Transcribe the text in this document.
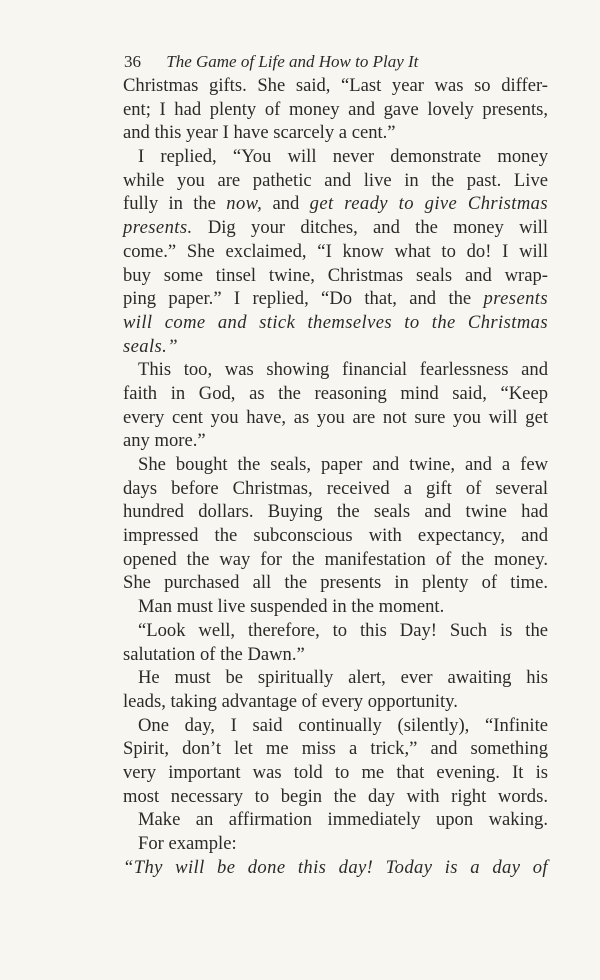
36 The Game of Life and How to Play It
Christmas gifts. She said, “Last year was so differ-
ent; I had plenty of money and gave lovely presents,
and this year I have scarcely a cent.”
I replied, “You will never demonstrate money
while you are pathetic and live in the past. Live
fully in the now, and get ready to give Christmas
presents. Dig your ditches, and the money will
come.” She exclaimed, “I know what to do! I will
buy some tinsel twine, Christmas seals and wrap-
ping paper.” I replied, “Do that, and the presents
will come and stick themselves to the Christmas
seals.”
This too, was showing financial fearlessness and
faith in God, as the reasoning mind said, “Keep
every cent you have, as you are not sure you will get
any more.”
She bought the seals, paper and twine, and a few
days before Christmas, received a gift of several
hundred dollars. Buying the seals and twine had
impressed the subconscious with expectancy, and
opened the way for the manifestation of the money.
She purchased all the presents in plenty of time.
Man must live suspended in the moment.
“Look well, therefore, to this Day! Such is the
salutation of the Dawn.”
He must be spiritually alert, ever awaiting his
leads, taking advantage of every opportunity.
One day, I said continually (silently), “Infinite
Spirit, don’t let me miss a trick,” and something
very important was told to me that evening. It is
most necessary to begin the day with right words.
Make an affirmation immediately upon waking.
For example:
“Thy will be done this day! Today is a day of
